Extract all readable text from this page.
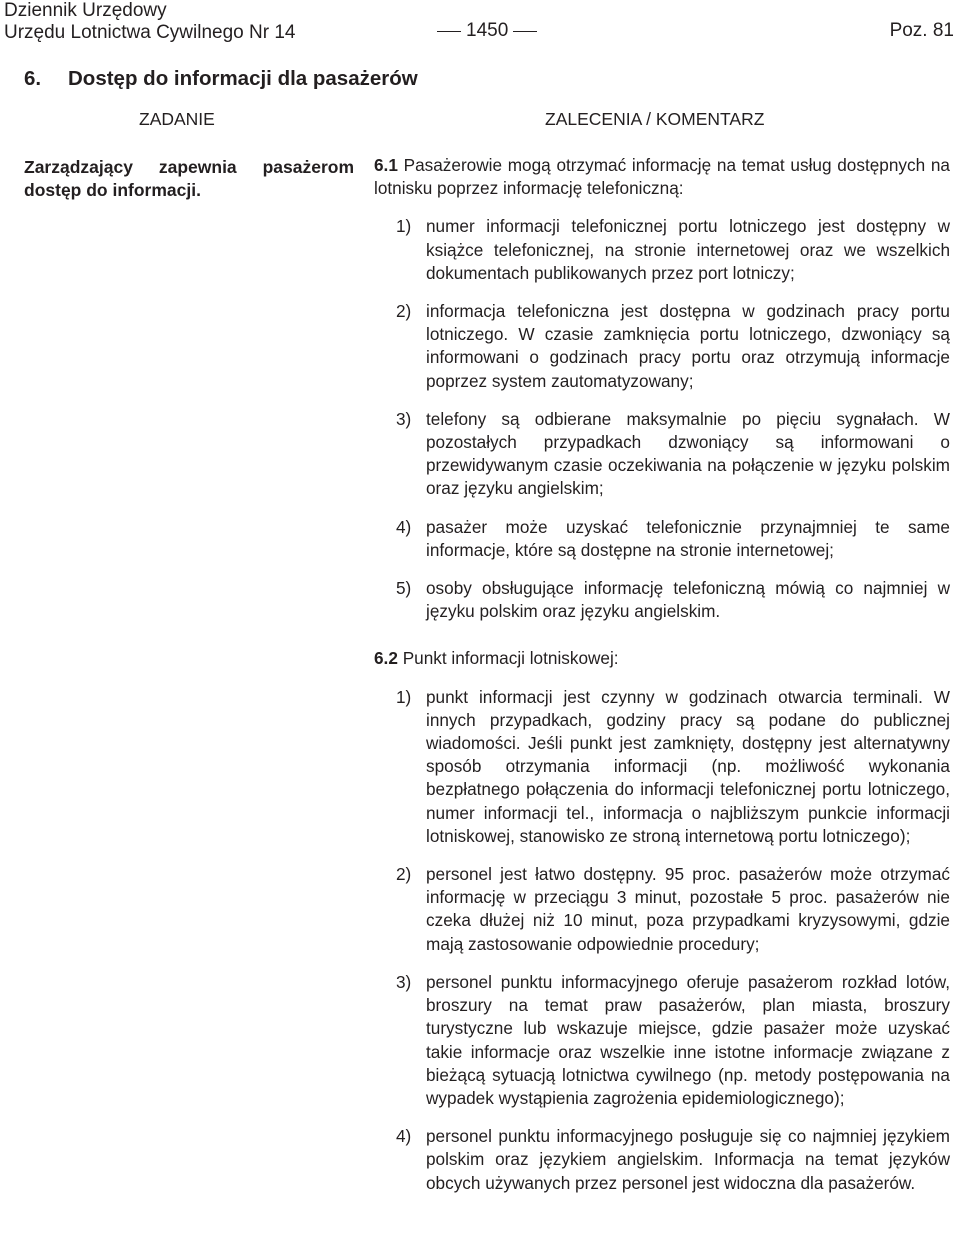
Dziennik Urzędowy
Urzędu Lotnictwa Cywilnego Nr 14	1450	Poz. 81
6. Dostęp do informacji dla pasażerów
ZADANIE	ZALECENIA / KOMENTARZ
Zarządzający zapewnia pasażerom dostęp do informacji.

6.1 Pasażerowie mogą otrzymać informację na temat usług dostępnych na lotnisku poprzez informację telefoniczną:

1) numer informacji telefonicznej portu lotniczego jest dostępny w książce telefonicznej, na stronie internetowej oraz we wszelkich dokumentach publikowanych przez port lotniczy;
2) informacja telefoniczna jest dostępna w godzinach pracy portu lotniczego. W czasie zamknięcia portu lotniczego, dzwoniący są informowani o godzinach pracy portu oraz otrzymują informacje poprzez system zautomatyzowany;
3) telefony są odbierane maksymalnie po pięciu sygnałach. W pozostałych przypadkach dzwoniący są informowani o przewidywanym czasie oczekiwania na połączenie w języku polskim oraz języku angielskim;
4) pasażer może uzyskać telefonicznie przynajmniej te same informacje, które są dostępne na stronie internetowej;
5) osoby obsługujące informację telefoniczną mówią co najmniej w języku polskim oraz języku angielskim.

6.2 Punkt informacji lotniskowej:

1) punkt informacji jest czynny w godzinach otwarcia terminali. W innych przypadkach, godziny pracy są podane do publicznej wiadomości. Jeśli punkt jest zamknięty, dostępny jest alternatywny sposób otrzymania informacji (np. możliwość wykonania bezpłatnego połączenia do informacji telefonicznej portu lotniczego, numer informacji tel., informacja o najbliższym punkcie informacji lotniskowej, stanowisko ze stroną internetową portu lotniczego);
2) personel jest łatwo dostępny. 95 proc. pasażerów może otrzymać informację w przeciągu 3 minut, pozostałe 5 proc. pasażerów nie czeka dłużej niż 10 minut, poza przypadkami kryzysowymi, gdzie mają zastosowanie odpowiednie procedury;
3) personel punktu informacyjnego oferuje pasażerom rozkład lotów, broszury na temat praw pasażerów, plan miasta, broszury turystyczne lub wskazuje miejsce, gdzie pasażer może uzyskać takie informacje oraz wszelkie inne istotne informacje związane z bieżącą sytuacją lotnictwa cywilnego (np. metody postępowania na wypadek wystąpienia zagrożenia epidemiologicznego);
4) personel punktu informacyjnego posługuje się co najmniej językiem polskim oraz językiem angielskim. Informacja na temat języków obcych używanych przez personel jest widoczna dla pasażerów.
